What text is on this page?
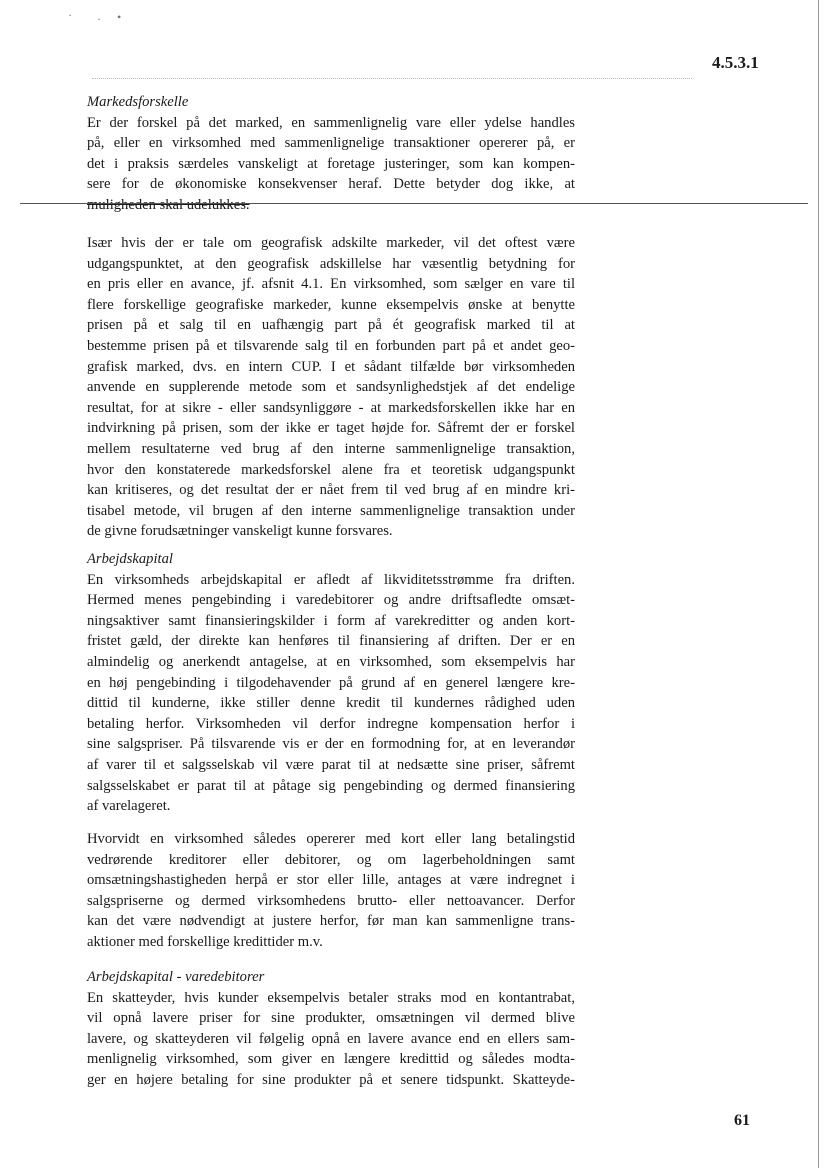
· · •
4.5.3.1

Markedsforskelle

Er der forskel på det marked, en sammenlignelig vare eller ydelse handles
på, eller en virksomhed med sammenlignelige transaktioner opererer på, er
det i praksis særdeles vanskeligt at foretage justeringer, som kan kompen-
sere for de økonomiske konsekvenser heraf. Dette betyder dog ikke, at
muligheden skal udelukkes.
Især hvis der er tale om geografisk adskilte markeder, vil det oftest være
udgangspunktet, at den geografisk adskillelse har væsentlig betydning for
en pris eller en avance, jf. afsnit 4.1. En virksomhed, som sælger en vare til
flere forskellige geografiske markeder, kunne eksempelvis ønske at benytte
prisen på et salg til en uafhængig part på ét geografisk marked til at
bestemme prisen på et tilsvarende salg til en forbunden part på et andet geo-
grafisk marked, dvs. en intern CUP. I et sådant tilfælde bør virksomheden
anvende en supplerende metode som et sandsynlighedstjek af det endelige
resultat, for at sikre - eller sandsynliggøre - at markedsforskellen ikke har en
indvirkning på prisen, som der ikke er taget højde for. Såfremt der er forskel
mellem resultaterne ved brug af den interne sammenlignelige transaktion,
hvor den konstaterede markedsforskel alene fra et teoretisk udgangspunkt
kan kritiseres, og det resultat der er nået frem til ved brug af en mindre kri-
tisabel metode, vil brugen af den interne sammenlignelige transaktion under
de givne forudsætninger vanskeligt kunne forsvares.

Arbejdskapital

En virksomheds arbejdskapital er afledt af likviditetsstrømme fra driften.
Hermed menes pengebinding i varedebitorer og andre driftsafledte omsæt-
ningsaktiver samt finansieringskilder i form af varekreditter og anden kort-
fristet gæld, der direkte kan henføres til finansiering af driften. Der er en
almindelig og anerkendt antagelse, at en virksomhed, som eksempelvis har
en høj pengebinding i tilgodehavender på grund af en generel længere kre-
dittid til kunderne, ikke stiller denne kredit til kundernes rådighed uden
betaling herfor. Virksomheden vil derfor indregne kompensation herfor i
sine salgspriser. På tilsvarende vis er der en formodning for, at en leverandør
af varer til et salgsselskab vil være parat til at nedsætte sine priser, såfremt
salgsselskabet er parat til at påtage sig pengebinding og dermed finansiering
af varelageret.
Hvorvidt en virksomhed således opererer med kort eller lang betalingstid
vedrørende kreditorer eller debitorer, og om lagerbeholdningen samt
omsætningshastigheden herpå er stor eller lille, antages at være indregnet i
salgspriserne og dermed virksomhedens brutto- eller nettoavancer. Derfor
kan det være nødvendigt at justere herfor, før man kan sammenligne trans-
aktioner med forskellige kredittider m.v.

Arbejdskapital - varedebitorer

En skatteyder, hvis kunder eksempelvis betaler straks mod en kontantrabat,
vil opnå lavere priser for sine produkter, omsætningen vil dermed blive
lavere, og skatteyderen vil følgelig opnå en lavere avance end en ellers sam-
menlignelig virksomhed, som giver en længere kredittid og således modta-
ger en højere betaling for sine produkter på et senere tidspunkt. Skatteyde-
61
